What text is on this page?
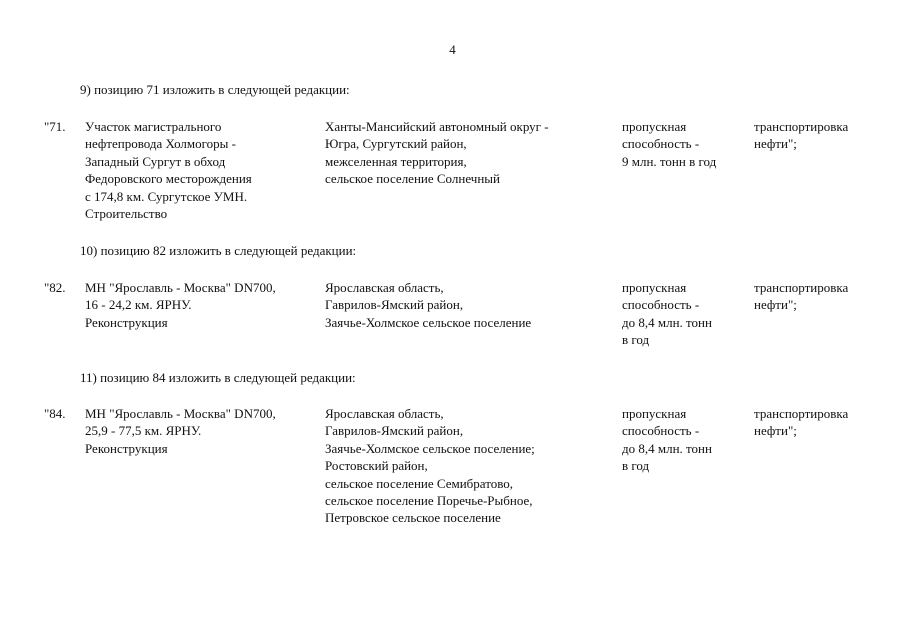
4
9) позицию 71 изложить в следующей редакции:
"71. Участок магистрального
нефтепровода Холмогоры -
Западный Сургут в обход
Федоровского месторождения
с 174,8 км. Сургутское УМН.
Строительство
Ханты-Мансийский автономный округ -
Югра, Сургутский район,
межселенная территория,
сельское поселение Солнечный
пропускная
способность -
9 млн. тонн в год
транспортировка
нефти";
10) позицию 82 изложить в следующей редакции:
"82. МН "Ярославль - Москва" DN700,
16 - 24,2 км. ЯРНУ.
Реконструкция
Ярославская область,
Гаврилов-Ямский район,
Заячье-Холмское сельское поселение
пропускная
способность -
до 8,4 млн. тонн
в год
транспортировка
нефти";
11) позицию 84 изложить в следующей редакции:
"84. МН "Ярославль - Москва" DN700,
25,9 - 77,5 км. ЯРНУ.
Реконструкция
Ярославская область,
Гаврилов-Ямский район,
Заячье-Холмское сельское поселение;
Ростовский район,
сельское поселение Семибратово,
сельское поселение Поречье-Рыбное,
Петровское сельское поселение
пропускная
способность -
до 8,4 млн. тонн
в год
транспортировка
нефти";
